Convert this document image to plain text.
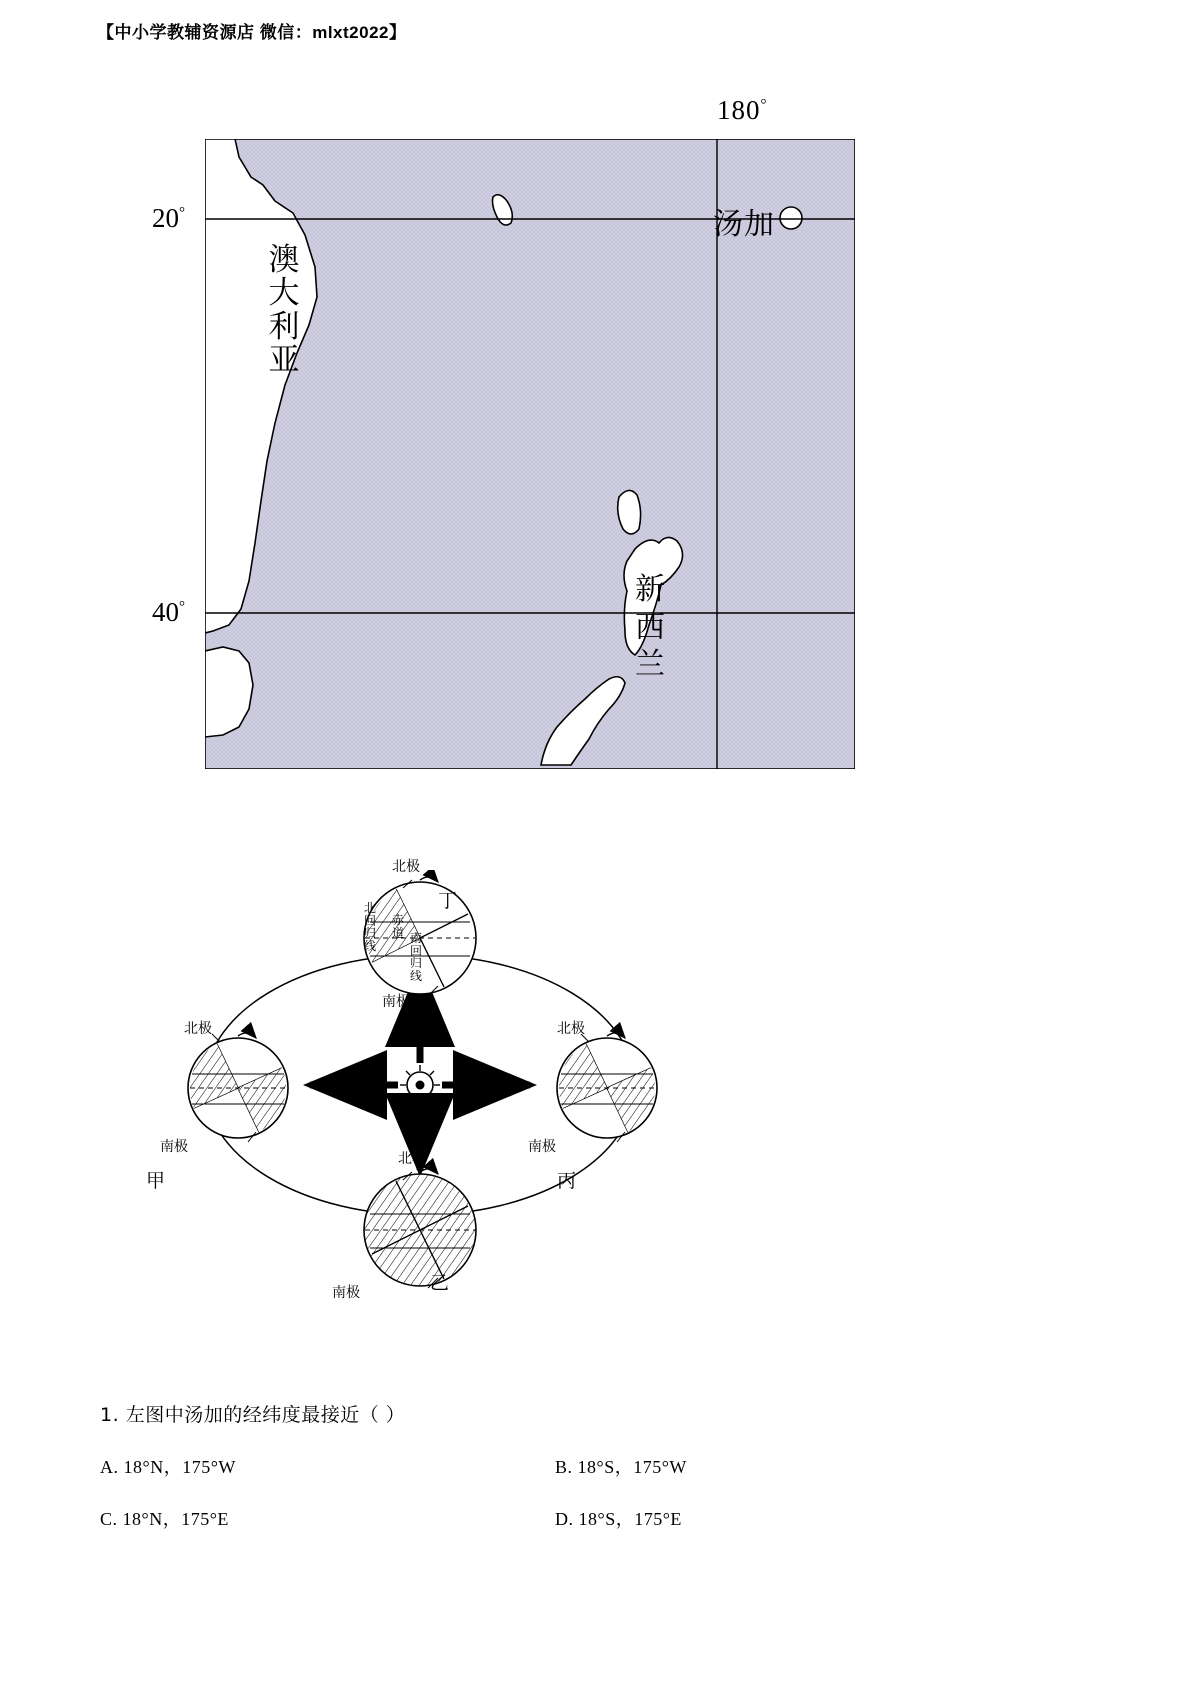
【中小学教辅资源店 微信：mlxt2022】
180°
20°
40°
澳大利亚
汤加
新西兰
北极
南极
丁
北回归线
赤道 南回归线
北极
南极
甲
北极
南极
丙
北极
南极	乙
1. 左图中汤加的经纬度最接近（ ）
A. 18°N，175°W	B. 18°S，175°W
C. 18°N，175°E	D. 18°S，175°E
